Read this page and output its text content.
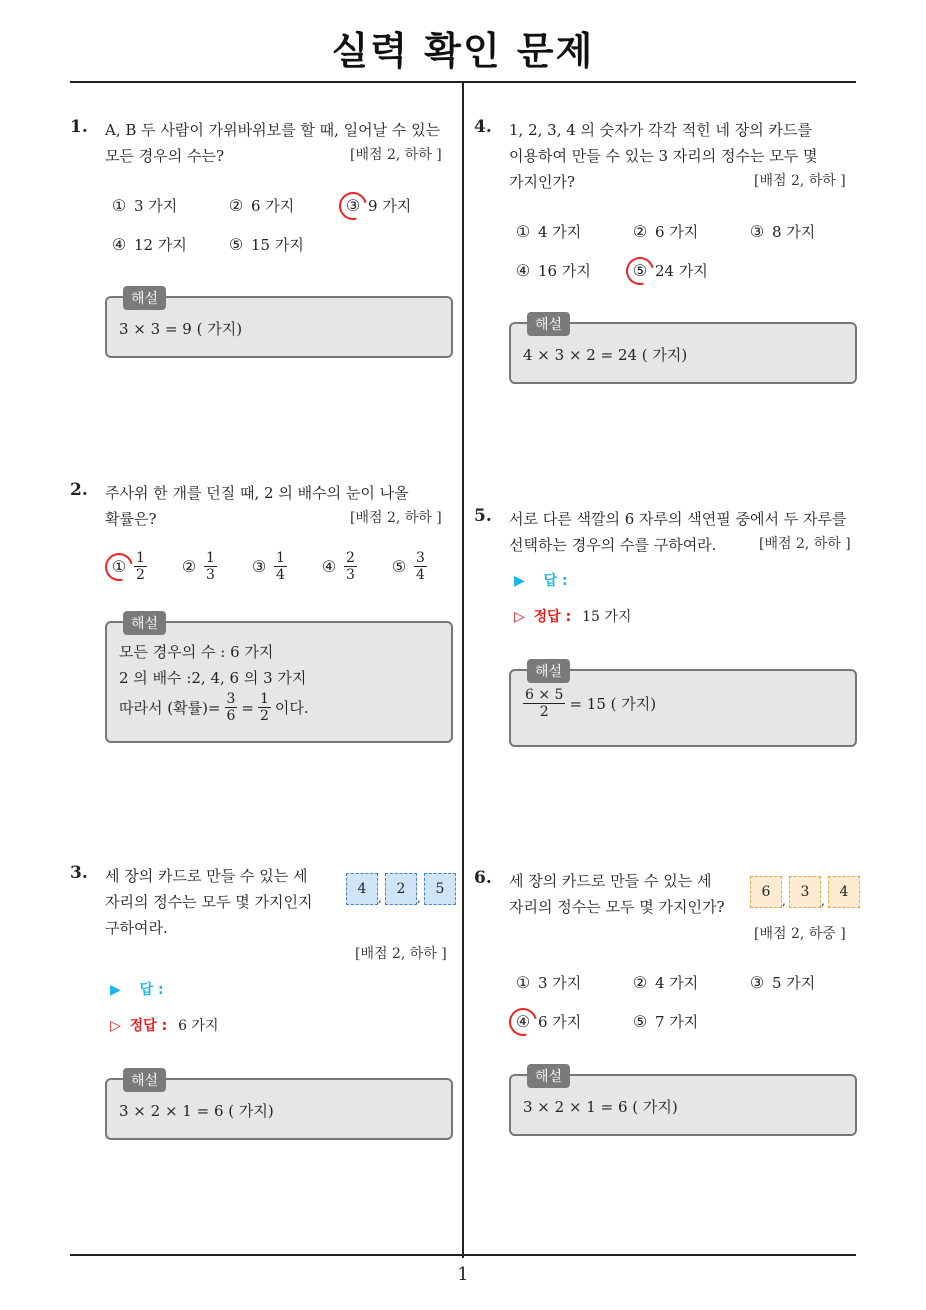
실력 확인 문제
1. A, B 두 사람이 가위바위보를 할 때, 일어날 수 있는
모든 경우의 수는?	[배점 2, 하하 ]
① 3 가지	② 6 가지	③ 9 가지
④ 12 가지	⑤ 15 가지
해설
3 × 3 = 9 ( 가지)
2. 주사위 한 개를 던질 때, 2 의 배수의 눈이 나올
확률은?	[배점 2, 하하 ]
① $\frac{1}{2}$ ② $\frac{1}{3}$ ③ $\frac{1}{4}$ ④ $\frac{2}{3}$ ⑤ $\frac{3}{4}$
해설
모든 경우의 수 : 6 가지
2 의 배수 :2, 4, 6 의 3 가지
따라서 (확률)= $\frac{3}{6} = \frac{1}{2}$ 이다.
3. 세 장의 카드로 만들 수 있는 세
자리의 정수는 모두 몇 가지인지
구하여라.
4
,
2
,
5
[배점 2, 하하 ]
▶ 답 :
▷ 정답 : 6 가지
해설
3 × 2 × 1 = 6 ( 가지)
4. 1, 2, 3, 4 의 숫자가 각각 적힌 네 장의 카드를
이용하여 만들 수 있는 3 자리의 정수는 모두 몇
가지인가?	[배점 2, 하하 ]
① 4 가지	② 6 가지	③ 8 가지
④ 16 가지	⑤ 24 가지
해설
4 × 3 × 2 = 24 ( 가지)
5. 서로 다른 색깔의 6 자루의 색연필 중에서 두 자루를
선택하는 경우의 수를 구하여라.	[배점 2, 하하 ]
▶ 답 :
▷ 정답 : 15 가지
해설
$\frac{6 \times 5}{2} = 15$ ( 가지)
6. 세 장의 카드로 만들 수 있는 세
자리의 정수는 모두 몇 가지인가?
6
,
3
,
4
[배점 2, 하중 ]
① 3 가지	② 4 가지	③ 5 가지
④ 6 가지	⑤ 7 가지
해설
3 × 2 × 1 = 6 ( 가지)
1
